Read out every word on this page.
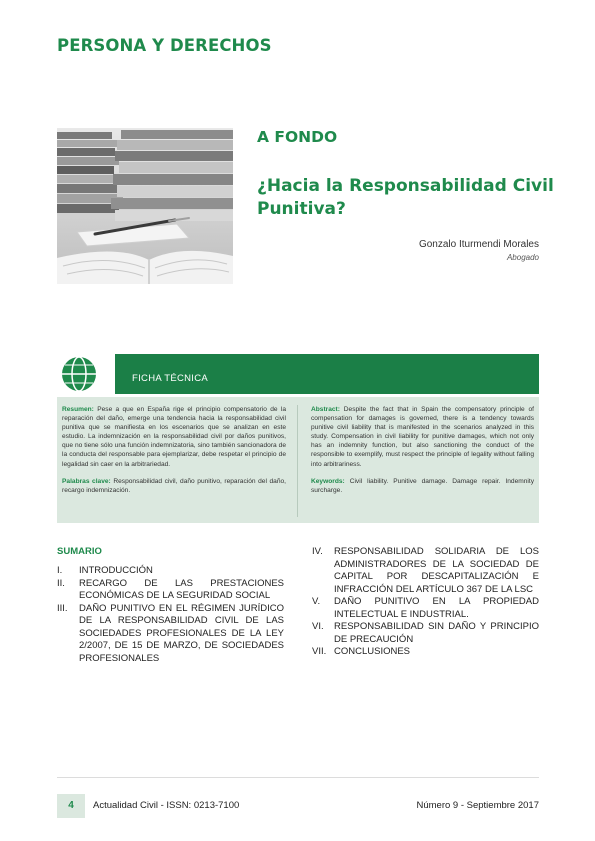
PERSONA Y DERECHOS
A FONDO
¿Hacia la Responsabilidad Civil Punitiva?
Gonzalo Iturmendi Morales
Abogado
FICHA TÉCNICA

Resumen: Pese a que en España rige el principio compensatorio de la reparación del daño, emerge una tendencia hacia la responsabilidad civil punitiva que se manifiesta en los escenarios que se analizan en este estudio. La indemnización en la responsabilidad civil por daños punitivos, que no tiene sólo una función indemnizatoria, sino también sancionadora de la conducta del responsable para ejemplarizar, debe respetar el principio de legalidad sin caer en la arbitrariedad.

Palabras clave: Responsabilidad civil, daño punitivo, reparación del daño, recargo indemnización.

Abstract: Despite the fact that in Spain the compensatory principle of compensation for damages is governed, there is a tendency towards punitive civil liability that is manifested in the scenarios analyzed in this study. Compensation in civil liability for punitive damages, which not only has an indemnity function, but also sanctioning the conduct of the responsible to exemplify, must respect the principle of legality without falling into arbitrariness.

Keywords: Civil liability. Punitive damage. Damage repair. Indemnity surcharge.

SUMARIO
I. INTRODUCCIÓN
II. RECARGO DE LAS PRESTACIONES ECONÓMICAS DE LA SEGURIDAD SOCIAL
III. DAÑO PUNITIVO EN EL RÉGIMEN JURÍDICO DE LA RESPONSABILIDAD CIVIL DE LAS SOCIEDADES PROFESIONALES DE LA LEY 2/2007, DE 15 DE MARZO, DE SOCIEDADES PROFESIONALES
IV. RESPONSABILIDAD SOLIDARIA DE LOS ADMINISTRADORES DE LA SOCIEDAD DE CAPITAL POR DESCAPITALIZACIÓN E INFRACCIÓN DEL ARTÍCULO 367 DE LA LSC
V. DAÑO PUNITIVO EN LA PROPIEDAD INTELECTUAL E INDUSTRIAL.
VI. RESPONSABILIDAD SIN DAÑO Y PRINCIPIO DE PRECAUCIÓN
VII. CONCLUSIONES
4	Actualidad Civil - ISSN: 0213-7100	Número 9 - Septiembre 2017
